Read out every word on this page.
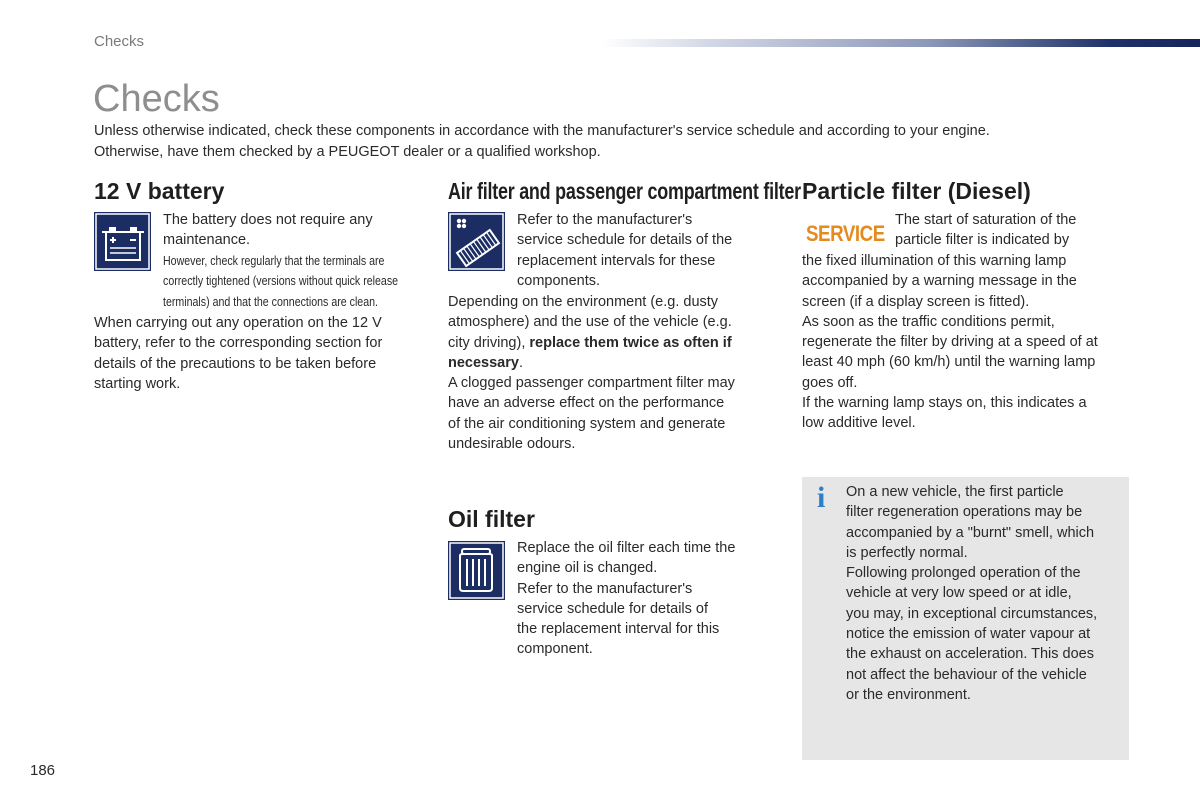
Checks
Checks
Unless otherwise indicated, check these components in accordance with the manufacturer's service schedule and according to your engine.
Otherwise, have them checked by a PEUGEOT dealer or a qualified workshop.
12 V battery

The battery does not require any

maintenance.

However, check regularly that the terminals are

correctly tightened (versions without quick release

terminals) and that the connections are clean.

When carrying out any operation on the 12 V

battery, refer to the corresponding section for

details of the precautions to be taken before

starting work.

Air filter and passenger compartment filter

Refer to the manufacturer's

service schedule for details of the

replacement intervals for these

components.

Depending on the environment (e.g. dusty

atmosphere) and the use of the vehicle (e.g.

city driving), replace them twice as often if

necessary.

A clogged passenger compartment filter may

have an adverse effect on the performance

of the air conditioning system and generate

undesirable odours.

Oil filter

Replace the oil filter each time the

engine oil is changed.

Refer to the manufacturer's

service schedule for details of

the replacement interval for this

component.

Particle filter (Diesel)
SERVICE

The start of saturation of the

particle filter is indicated by

the fixed illumination of this warning lamp

accompanied by a warning message in the

screen (if a display screen is fitted).

As soon as the traffic conditions permit,

regenerate the filter by driving at a speed of at

least 40 mph (60 km/h) until the warning lamp

goes off.

If the warning lamp stays on, this indicates a

low additive level.

i On a new vehicle, the first particle

filter regeneration operations may be

accompanied by a "burnt" smell, which

is perfectly normal.

Following prolonged operation of the

vehicle at very low speed or at idle,

you may, in exceptional circumstances,

notice the emission of water vapour at

the exhaust on acceleration. This does

not affect the behaviour of the vehicle

or the environment.

186
